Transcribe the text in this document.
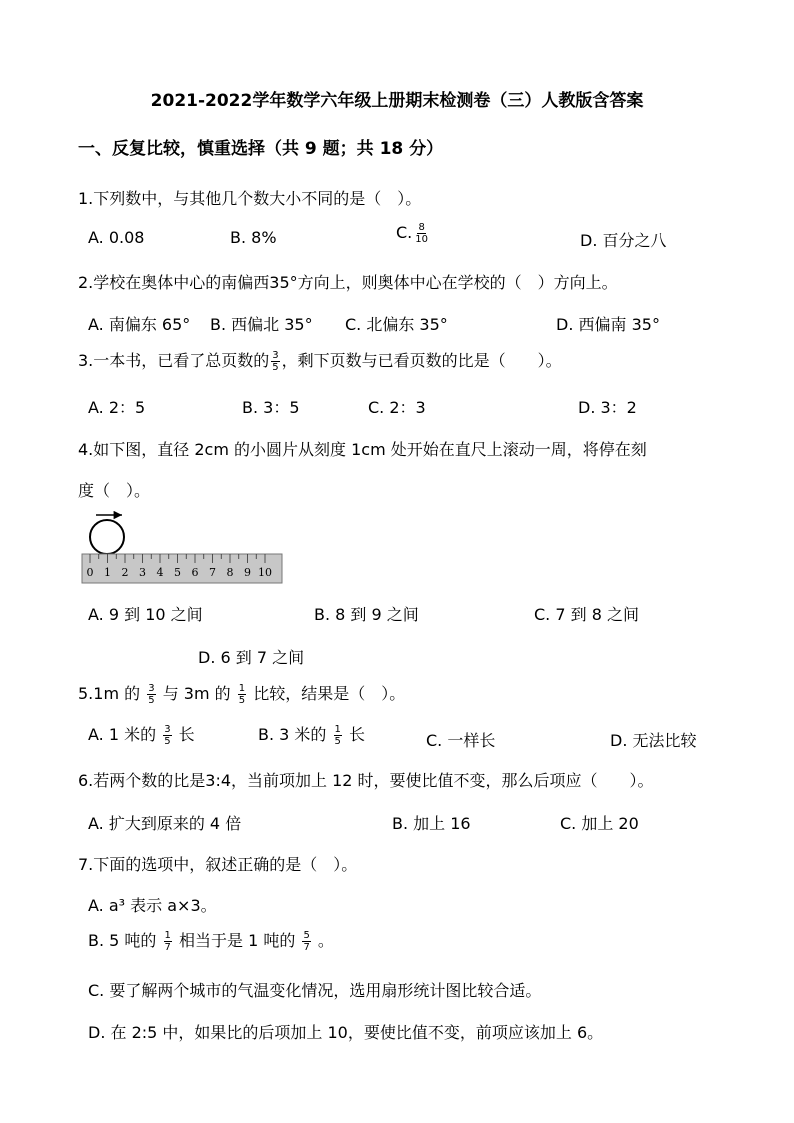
2021-2022学年数学六年级上册期末检测卷（三）人教版含答案
一、反复比较，慎重选择（共 9 题；共 18 分）
1.下列数中，与其他几个数大小不同的是（　）。
A. 0.08	B. 8%	C. $\frac{8}{10}$	D. 百分之八
2.学校在奥体中心的南偏西35°方向上，则奥体中心在学校的（　）方向上。
A. 南偏东 65° B. 西偏北 35° C. 北偏东 35°	D. 西偏南 35°
3.一本书，已看了总页数的 $\frac{3}{5}$ ，剩下页数与已看页数的比是（　　）。
A. 2：5	B. 3：5	C. 2：3	D. 3：2
4.如下图，直径 2cm 的小圆片从刻度 1cm 处开始在直尺上滚动一周，将停在刻
度（　）。
0 1 2 3 4 5 6 7 8 9 10
A. 9 到 10 之间	B. 8 到 9 之间	C. 7 到 8 之间
D. 6 到 7 之间
5.1m 的 $\frac{3}{5}$ 与 3m 的 $\frac{1}{5}$ 比较，结果是（　）。
A. 1 米的 $\frac{3}{5}$ 长	B. 3 米的 $\frac{1}{5}$ 长	C. 一样长	D. 无法比较
6.若两个数的比是3:4，当前项加上 12 时，要使比值不变，那么后项应（　　）。
A. 扩大到原来的 4 倍	B. 加上 16	C. 加上 20
7.下面的选项中，叙述正确的是（　）。
A. a³ 表示 a×3。
B. 5 吨的 $\frac{1}{7}$ 相当于是 1 吨的 $\frac{5}{7}$ 。
C. 要了解两个城市的气温变化情况，选用扇形统计图比较合适。
D. 在 2:5 中，如果比的后项加上 10，要使比值不变，前项应该加上 6。
